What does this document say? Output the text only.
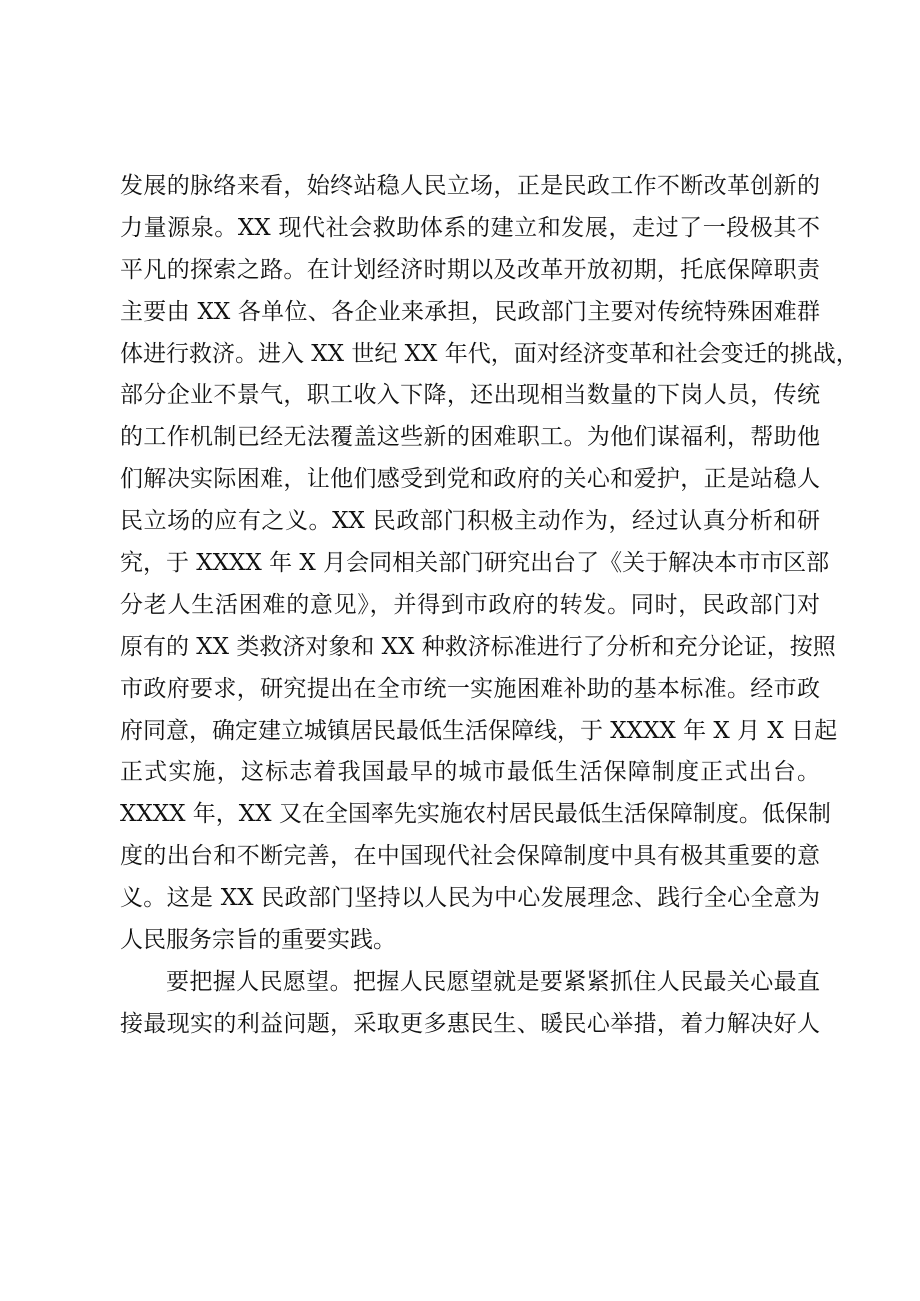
发展的脉络来看，始终站稳人民立场，正是民政工作不断改革创新的
力量源泉。XX 现代社会救助体系的建立和发展，走过了一段极其不
平凡的探索之路。在计划经济时期以及改革开放初期，托底保障职责
主要由 XX 各单位、各企业来承担，民政部门主要对传统特殊困难群
体进行救济。进入 XX 世纪 XX 年代，面对经济变革和社会变迁的挑战，
部分企业不景气，职工收入下降，还出现相当数量的下岗人员，传统
的工作机制已经无法覆盖这些新的困难职工。为他们谋福利，帮助他
们解决实际困难，让他们感受到党和政府的关心和爱护，正是站稳人
民立场的应有之义。XX 民政部门积极主动作为，经过认真分析和研
究，于 XXXX 年 X 月会同相关部门研究出台了《关于解决本市市区部
分老人生活困难的意见》，并得到市政府的转发。同时，民政部门对
原有的 XX 类救济对象和 XX 种救济标准进行了分析和充分论证，按照
市政府要求，研究提出在全市统一实施困难补助的基本标准。经市政
府同意，确定建立城镇居民最低生活保障线，于 XXXX 年 X 月 X 日起
正式实施，这标志着我国最早的城市最低生活保障制度正式出台。
XXXX 年，XX 又在全国率先实施农村居民最低生活保障制度。低保制
度的出台和不断完善，在中国现代社会保障制度中具有极其重要的意
义。这是 XX 民政部门坚持以人民为中心发展理念、践行全心全意为
人民服务宗旨的重要实践。
要把握人民愿望。把握人民愿望就是要紧紧抓住人民最关心最直
接最现实的利益问题，采取更多惠民生、暖民心举措，着力解决好人
